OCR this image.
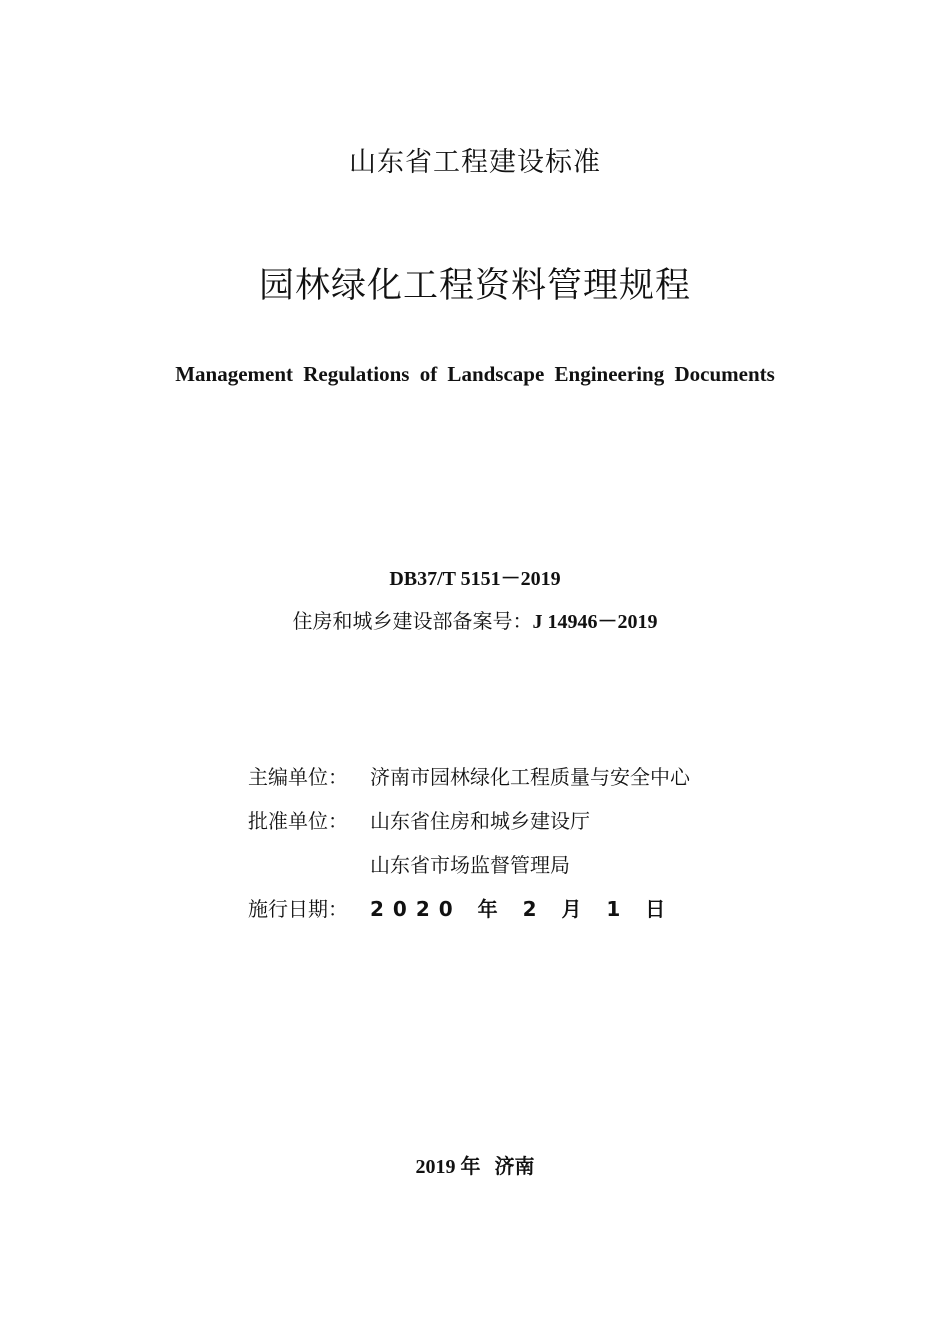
山东省工程建设标准
园林绿化工程资料管理规程
Management Regulations of Landscape Engineering Documents
DB37/T 5151－2019
住房和城乡建设部备案号：J 14946－2019
主编单位： 济南市园林绿化工程质量与安全中心
批准单位： 山东省住房和城乡建设厅
山东省市场监督管理局
施行日期： 2020 年 2 月 1 日
2019 年 济南
